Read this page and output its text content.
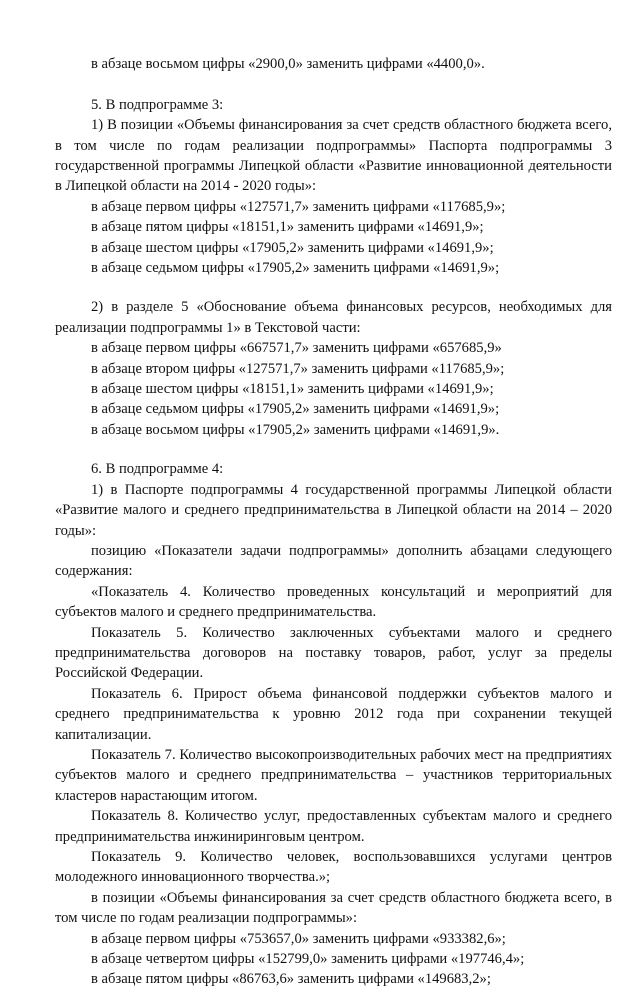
в абзаце восьмом цифры «2900,0» заменить цифрами «4400,0».

5. В подпрограмме 3:

1) В позиции «Объемы финансирования за счет средств областного бюджета всего, в том числе по годам реализации подпрограммы» Паспорта подпрограммы 3 государственной программы Липецкой области «Развитие инновационной деятельности в Липецкой области на 2014 - 2020 годы»:

в абзаце первом цифры «127571,7» заменить цифрами «117685,9»;

в абзаце пятом цифры «18151,1» заменить цифрами «14691,9»;

в абзаце шестом цифры «17905,2» заменить цифрами «14691,9»;

в абзаце седьмом цифры «17905,2» заменить цифрами «14691,9»;

2) в разделе 5 «Обоснование объема финансовых ресурсов, необходимых для реализации подпрограммы 1» в Текстовой части:

в абзаце первом цифры «667571,7» заменить цифрами «657685,9»

в абзаце втором цифры «127571,7» заменить цифрами «117685,9»;

в абзаце шестом цифры «18151,1» заменить цифрами «14691,9»;

в абзаце седьмом цифры «17905,2» заменить цифрами «14691,9»;

в абзаце восьмом цифры «17905,2» заменить цифрами «14691,9».

6. В подпрограмме 4:

1) в Паспорте подпрограммы 4 государственной программы Липецкой области «Развитие малого и среднего предпринимательства в Липецкой области на 2014 – 2020 годы»:

позицию «Показатели задачи подпрограммы» дополнить абзацами следующего содержания:

«Показатель 4. Количество проведенных консультаций и мероприятий для субъектов малого и среднего предпринимательства.

Показатель 5. Количество заключенных субъектами малого и среднего предпринимательства договоров на поставку товаров, работ, услуг за пределы Российской Федерации.

Показатель 6. Прирост объема финансовой поддержки субъектов малого и среднего предпринимательства к уровню 2012 года при сохранении текущей капитализации.

Показатель 7. Количество высокопроизводительных рабочих мест на предприятиях субъектов малого и среднего предпринимательства – участников территориальных кластеров нарастающим итогом.

Показатель 8. Количество услуг, предоставленных субъектам малого и среднего предпринимательства инжиниринговым центром.

Показатель 9. Количество человек, воспользовавшихся услугами центров молодежного инновационного творчества.»;

в позиции «Объемы финансирования за счет средств областного бюджета всего, в том числе по годам реализации подпрограммы»:

в абзаце первом цифры «753657,0» заменить цифрами «933382,6»;

в абзаце четвертом цифры «152799,0» заменить цифрами «197746,4»;

в абзаце пятом цифры «86763,6» заменить цифрами «149683,2»;
